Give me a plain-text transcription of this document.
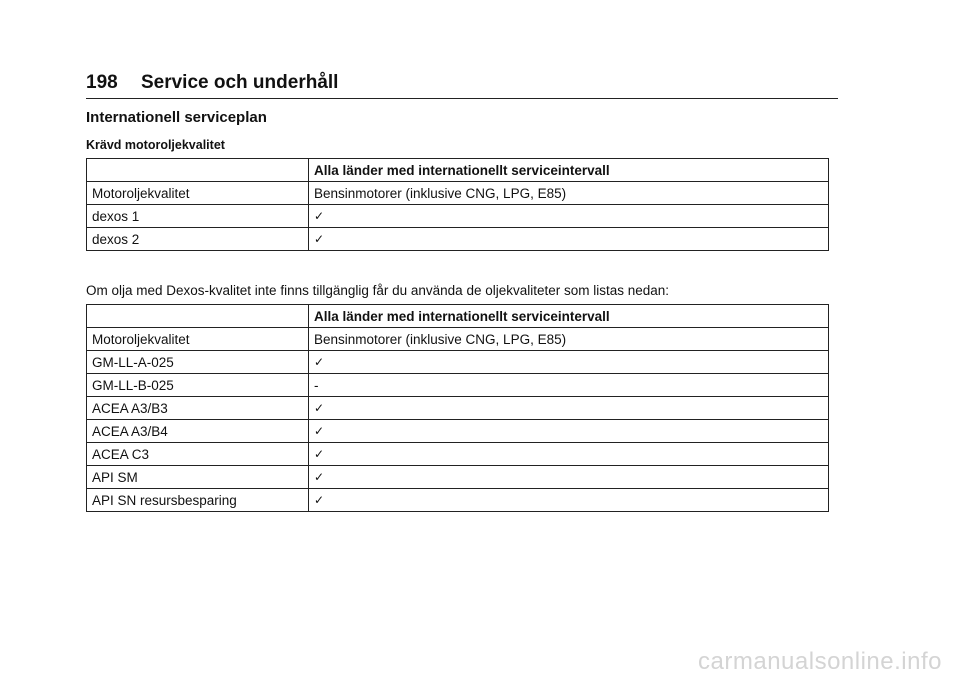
198 Service och underhåll
Internationell serviceplan
Krävd motoroljekvalitet
	Alla länder med internationellt serviceintervall
Motoroljekvalitet	Bensinmotorer (inklusive CNG, LPG, E85)
dexos 1	✓
dexos 2	✓
Om olja med Dexos-kvalitet inte finns tillgänglig får du använda de oljekvaliteter som listas nedan:
	Alla länder med internationellt serviceintervall
Motoroljekvalitet	Bensinmotorer (inklusive CNG, LPG, E85)
GM-LL-A-025	✓
GM-LL-B-025	-
ACEA A3/B3	✓
ACEA A3/B4	✓
ACEA C3	✓
API SM	✓
API SN resursbesparing	✓
carmanualsonline.info
